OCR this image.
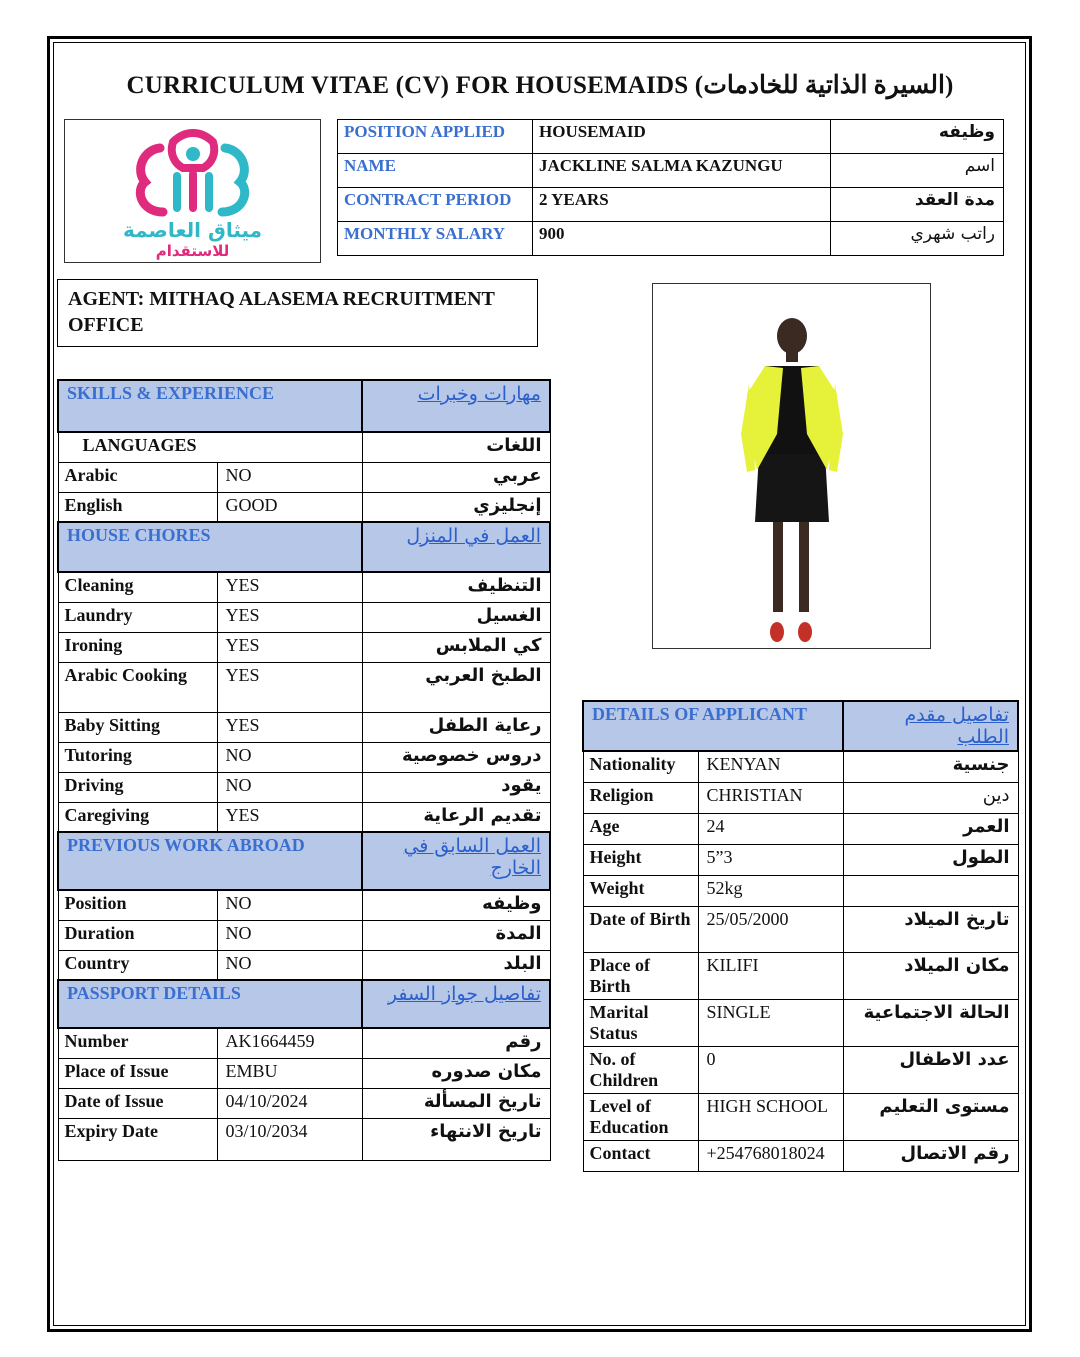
CURRICULUM VITAE (CV) FOR HOUSEMAIDS (السيرة الذاتية للخادمات)
ميثاق العاصمة
للاستقدام
POSITION APPLIED	HOUSEMAID	وظيفه
NAME	JACKLINE SALMA KAZUNGU	اسم
CONTRACT PERIOD	2 YEARS	مدة العقد
MONTHLY SALARY	900	راتب شهري
AGENT: MITHAQ ALASEMA RECRUITMENT OFFICE
SKILLS & EXPERIENCE		مهارات وخبرات
LANGUAGES		اللغات
Arabic	NO	عربي
English	GOOD	إنجليزي
HOUSE CHORES		العمل في المنزل
Cleaning	YES	التنظيف
Laundry	YES	الغسيل
Ironing	YES	كي الملابس
Arabic Cooking	YES	الطبخ العربي
Baby Sitting	YES	رعاية الطفل
Tutoring	NO	دروس خصوصية
Driving	NO	يقود
Caregiving	YES	تقديم الرعاية
PREVIOUS WORK ABROAD		العمل السابق في الخارج
Position	NO	وظيفه
Duration	NO	المدة
Country	NO	البلد
PASSPORT DETAILS		تفاصيل جواز السفر
Number	AK1664459	رقم
Place of Issue	EMBU	مكان صدوره
Date of Issue	04/10/2024	تاريخ المسألة
Expiry Date	03/10/2034	تاريخ الانتهاء
DETAILS OF APPLICANT		تفاصيل مقدم الطلب
Nationality	KENYAN	جنسية
Religion	CHRISTIAN	دين
Age	24	العمر
Height	5”3	الطول
Weight	52kg	
Date of Birth	25/05/2000	تاريخ الميلاد
Place of Birth	KILIFI	مكان الميلاد
Marital Status	SINGLE	الحالة الاجتماعية
No. of Children	0	عدد الاطفال
Level of Education	HIGH SCHOOL	مستوى التعليم
Contact	+254768018024	رقم الاتصال
